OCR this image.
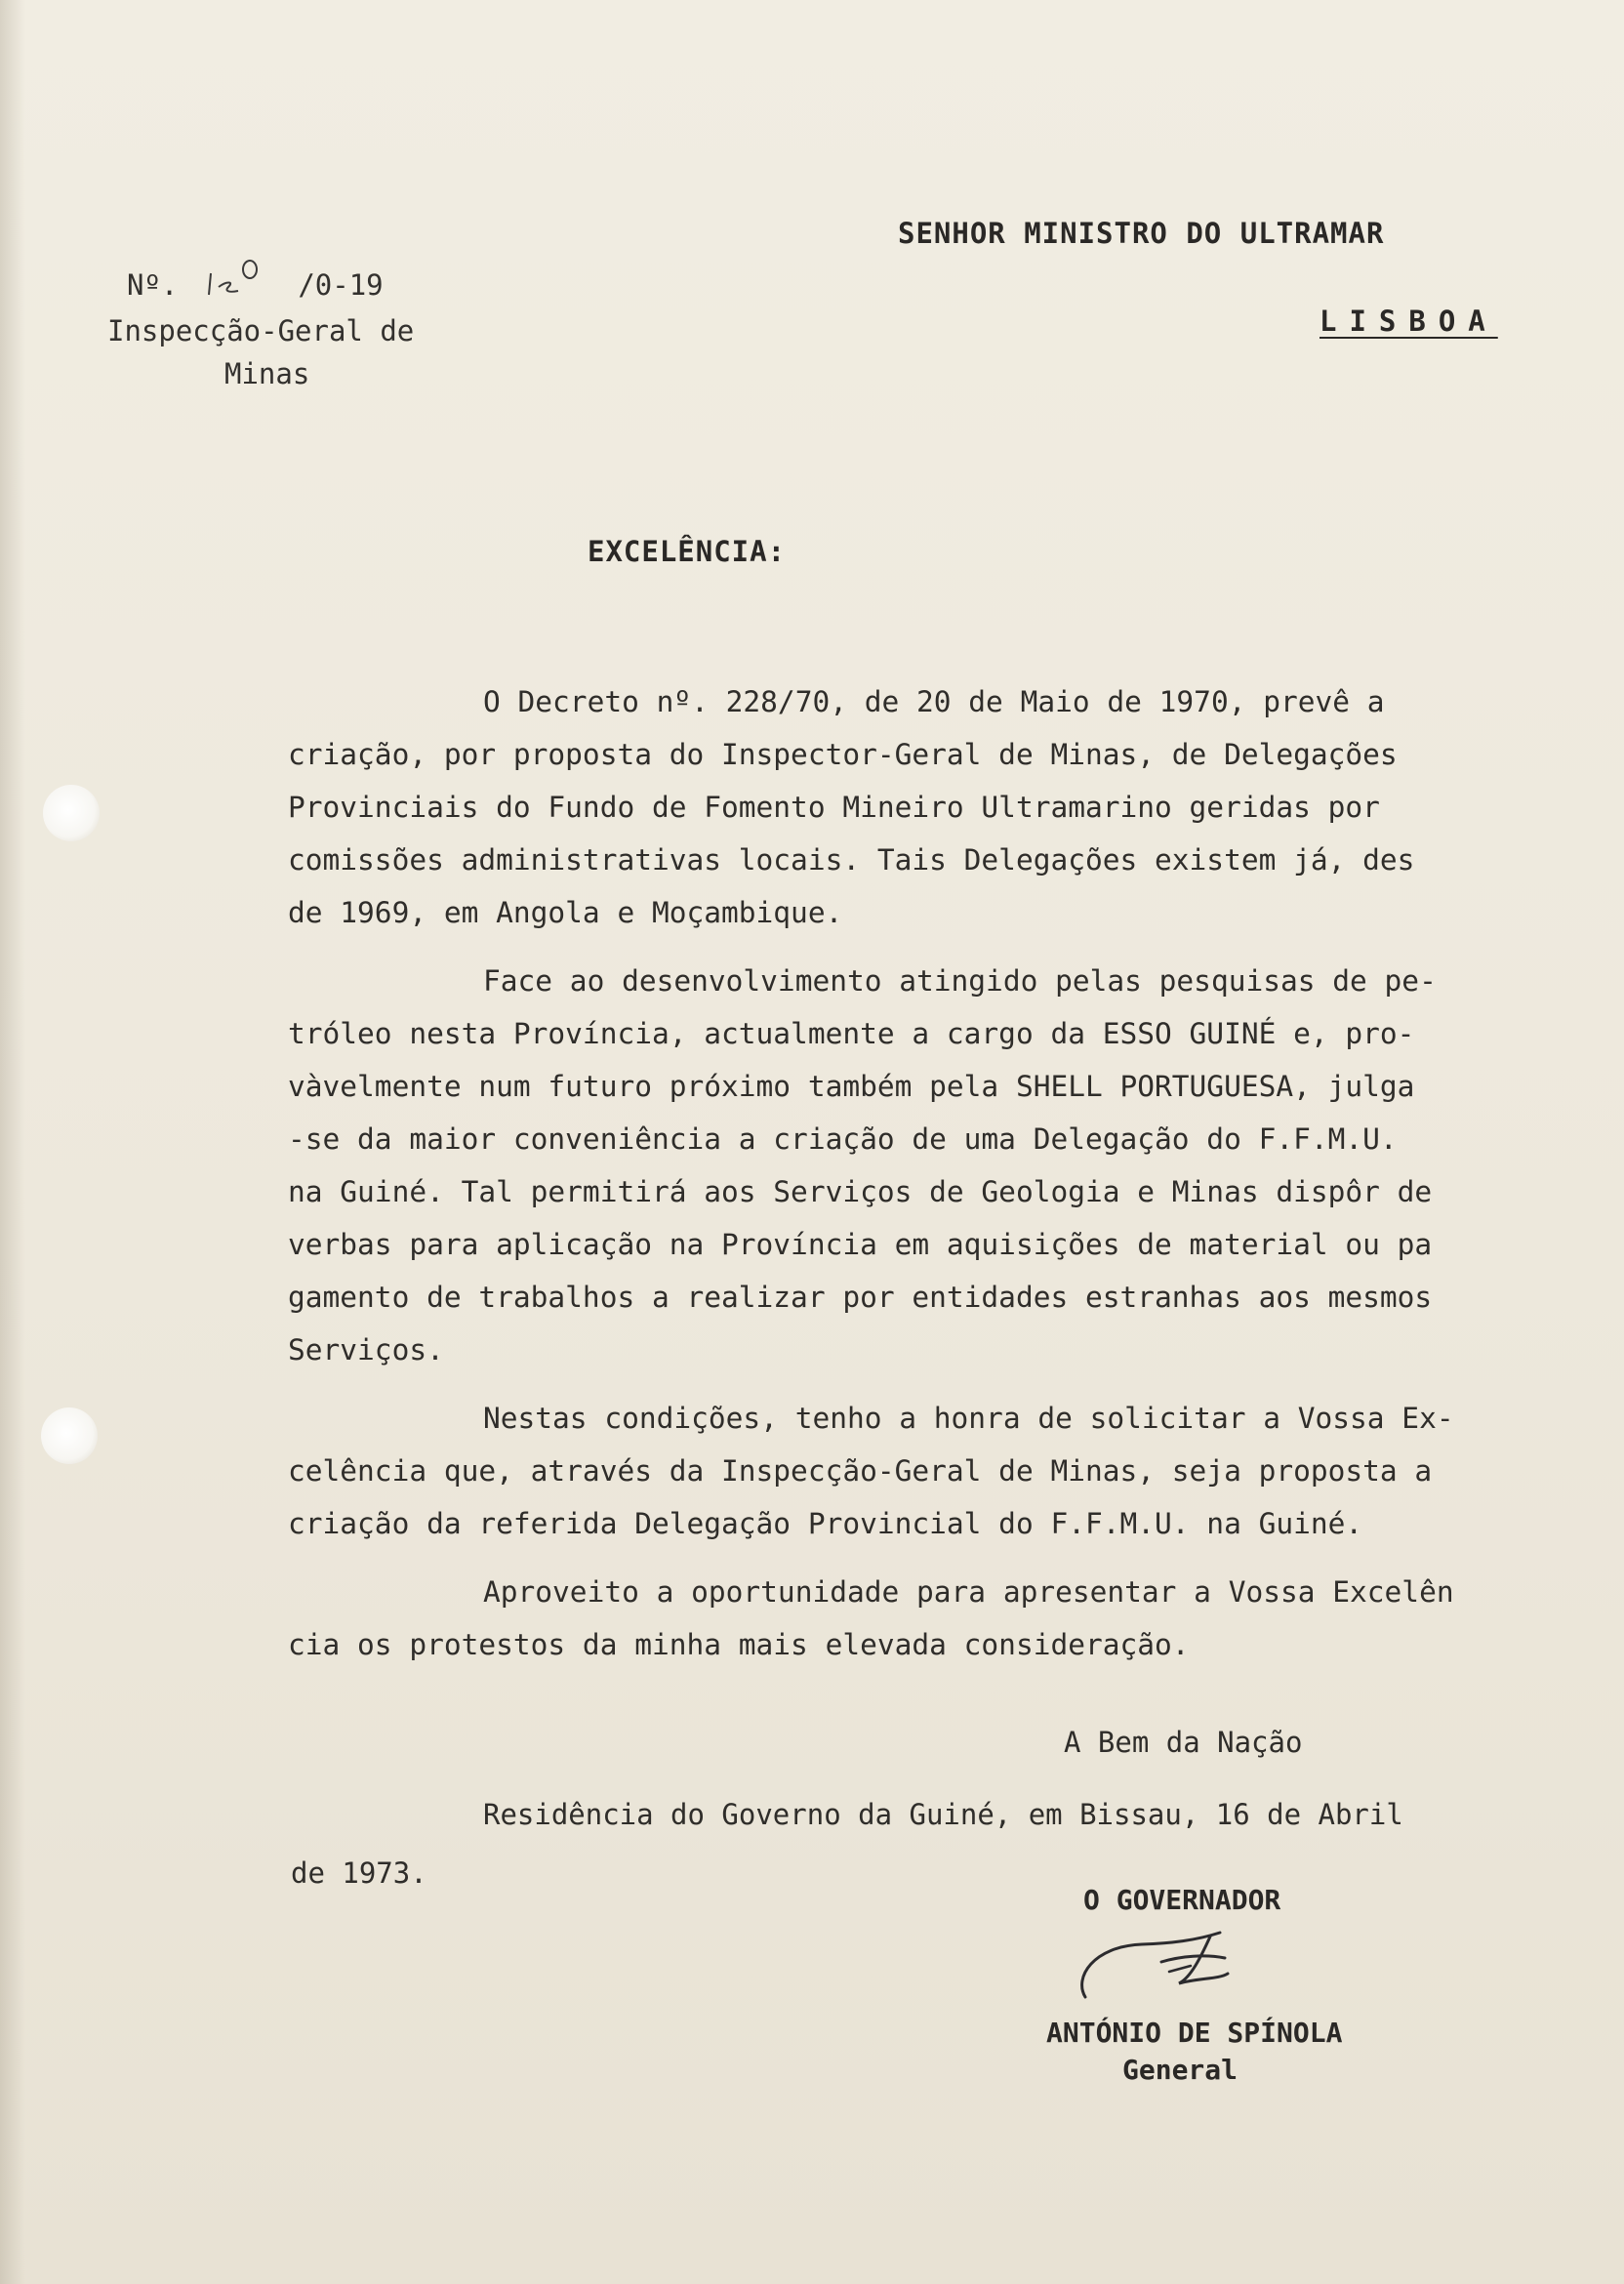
SENHOR MINISTRO DO ULTRAMAR
LISBOA
Nº.	/0-19
Inspecção-Geral de
Minas
EXCELÊNCIA:
O Decreto nº. 228/70, de 20 de Maio de 1970, prevê a
criação, por proposta do Inspector-Geral de Minas, de Delegações
Provinciais do Fundo de Fomento Mineiro Ultramarino geridas por
comissões administrativas locais. Tais Delegações existem já, des
de 1969, em Angola e Moçambique.
Face ao desenvolvimento atingido pelas pesquisas de pe-
tróleo nesta Província, actualmente a cargo da ESSO GUINÉ e, pro-
vàvelmente num futuro próximo também pela SHELL PORTUGUESA, julga
-se da maior conveniência a criação de uma Delegação do F.F.M.U.
na Guiné. Tal permitirá aos Serviços de Geologia e Minas dispôr de
verbas para aplicação na Província em aquisições de material ou pa
gamento de trabalhos a realizar por entidades estranhas aos mesmos
Serviços.
Nestas condições, tenho a honra de solicitar a Vossa Ex-
celência que, através da Inspecção-Geral de Minas, seja proposta a
criação da referida Delegação Provincial do F.F.M.U. na Guiné.
Aproveito a oportunidade para apresentar a Vossa Excelên
cia os protestos da minha mais elevada consideração.
A Bem da Nação
Residência do Governo da Guiné, em Bissau, 16 de Abril
de 1973.
O GOVERNADOR
ANTÓNIO DE SPÍNOLA
General
